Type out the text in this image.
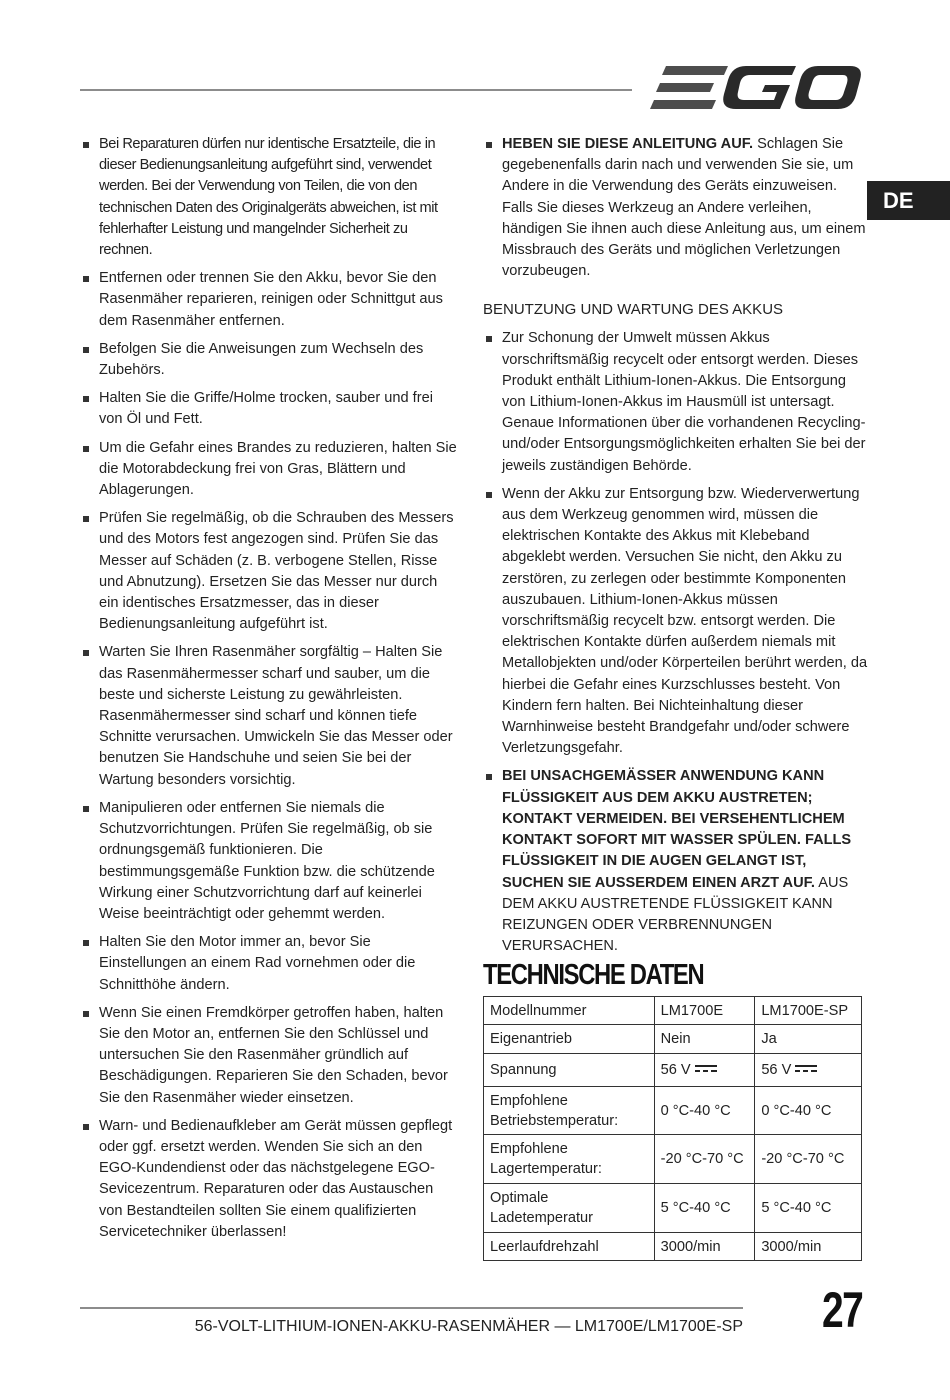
DE
Bei Reparaturen dürfen nur identische Ersatzteile, die in dieser Bedienungsanleitung aufgeführt sind, verwendet werden. Bei der Verwendung von Teilen, die von den technischen Daten des Originalgeräts abweichen, ist mit fehlerhafter Leistung und mangelnder Sicherheit zu rechnen.
Entfernen oder trennen Sie den Akku, bevor Sie den Rasenmäher reparieren, reinigen oder Schnittgut aus dem Rasenmäher entfernen.
Befolgen Sie die Anweisungen zum Wechseln des Zubehörs.
Halten Sie die Griffe/Holme trocken, sauber und frei von Öl und Fett.
Um die Gefahr eines Brandes zu reduzieren, halten Sie die Motorabdeckung frei von Gras, Blättern und Ablagerungen.
Prüfen Sie regelmäßig, ob die Schrauben des Messers und des Motors fest angezogen sind. Prüfen Sie das Messer auf Schäden (z. B. verbogene Stellen, Risse und Abnutzung). Ersetzen Sie das Messer nur durch ein identisches Ersatzmesser, das in dieser Bedienungsanleitung aufgeführt ist.
Warten Sie Ihren Rasenmäher sorgfältig – Halten Sie das Rasenmähermesser scharf und sauber, um die beste und sicherste Leistung zu gewährleisten. Rasenmähermesser sind scharf und können tiefe Schnitte verursachen. Umwickeln Sie das Messer oder benutzen Sie Handschuhe und seien Sie bei der Wartung besonders vorsichtig.
Manipulieren oder entfernen Sie niemals die Schutzvorrichtungen. Prüfen Sie regelmäßig, ob sie ordnungsgemäß funktionieren. Die bestimmungsgemäße Funktion bzw. die schützende Wirkung einer Schutzvorrichtung darf auf keinerlei Weise beeinträchtigt oder gehemmt werden.
Halten Sie den Motor immer an, bevor Sie Einstellungen an einem Rad vornehmen oder die Schnitthöhe ändern.
Wenn Sie einen Fremdkörper getroffen haben, halten Sie den Motor an, entfernen Sie den Schlüssel und untersuchen Sie den Rasenmäher gründlich auf Beschädigungen. Reparieren Sie den Schaden, bevor Sie den Rasenmäher wieder einsetzen.
Warn- und Bedienaufkleber am Gerät müssen gepflegt oder ggf. ersetzt werden. Wenden Sie sich an den EGO-Kundendienst oder das nächstgelegene EGO-Sevicezentrum. Reparaturen oder das Austauschen von Bestandteilen sollten Sie einem qualifizierten Servicetechniker überlassen!
HEBEN SIE DIESE ANLEITUNG AUF. Schlagen Sie gegebenenfalls darin nach und verwenden Sie sie, um Andere in die Verwendung des Geräts einzuweisen. Falls Sie dieses Werkzeug an Andere verleihen, händigen Sie ihnen auch diese Anleitung aus, um einem Missbrauch des Geräts und möglichen Verletzungen vorzubeugen.
BENUTZUNG UND WARTUNG DES AKKUS
Zur Schonung der Umwelt müssen Akkus vorschriftsmäßig recycelt oder entsorgt werden. Dieses Produkt enthält Lithium-Ionen-Akkus. Die Entsorgung von Lithium-Ionen-Akkus im Hausmüll ist untersagt. Genaue Informationen über die vorhandenen Recycling- und/oder Entsorgungsmöglichkeiten erhalten Sie bei der jeweils zuständigen Behörde.
Wenn der Akku zur Entsorgung bzw. Wiederverwertung aus dem Werkzeug genommen wird, müssen die elektrischen Kontakte des Akkus mit Klebeband abgeklebt werden. Versuchen Sie nicht, den Akku zu zerstören, zu zerlegen oder bestimmte Komponenten auszubauen. Lithium-Ionen-Akkus müssen vorschriftsmäßig recycelt bzw. entsorgt werden. Die elektrischen Kontakte dürfen außerdem niemals mit Metallobjekten und/oder Körperteilen berührt werden, da hierbei die Gefahr eines Kurzschlusses besteht. Von Kindern fern halten. Bei Nichteinhaltung dieser Warnhinweise besteht Brandgefahr und/oder schwere Verletzungsgefahr.
BEI UNSACHGEMÄSSER ANWENDUNG KANN FLÜSSIGKEIT AUS DEM AKKU AUSTRETEN; KONTAKT VERMEIDEN. BEI VERSEHENTLICHEM KONTAKT SOFORT MIT WASSER SPÜLEN. FALLS FLÜSSIGKEIT IN DIE AUGEN GELANGT IST, SUCHEN SIE AUSSERDEM EINEN ARZT AUF. AUS DEM AKKU AUSTRETENDE FLÜSSIGKEIT KANN REIZUNGEN ODER VERBRENNUNGEN VERURSACHEN.
TECHNISCHE DATEN
Modellnummer	LM1700E	LM1700E-SP
Eigenantrieb	Nein	Ja
Spannung	56 V	56 V
Empfohlene Betriebstemperatur:	0 °C-40 °C	0 °C-40 °C
Empfohlene Lagertemperatur:	-20 °C-70 °C	-20 °C-70 °C
Optimale Ladetemperatur	5 °C-40 °C	5 °C-40 °C
Leerlaufdrehzahl	3000/min	3000/min
56-VOLT-LITHIUM-IONEN-AKKU-RASENMÄHER — LM1700E/LM1700E-SP 27
